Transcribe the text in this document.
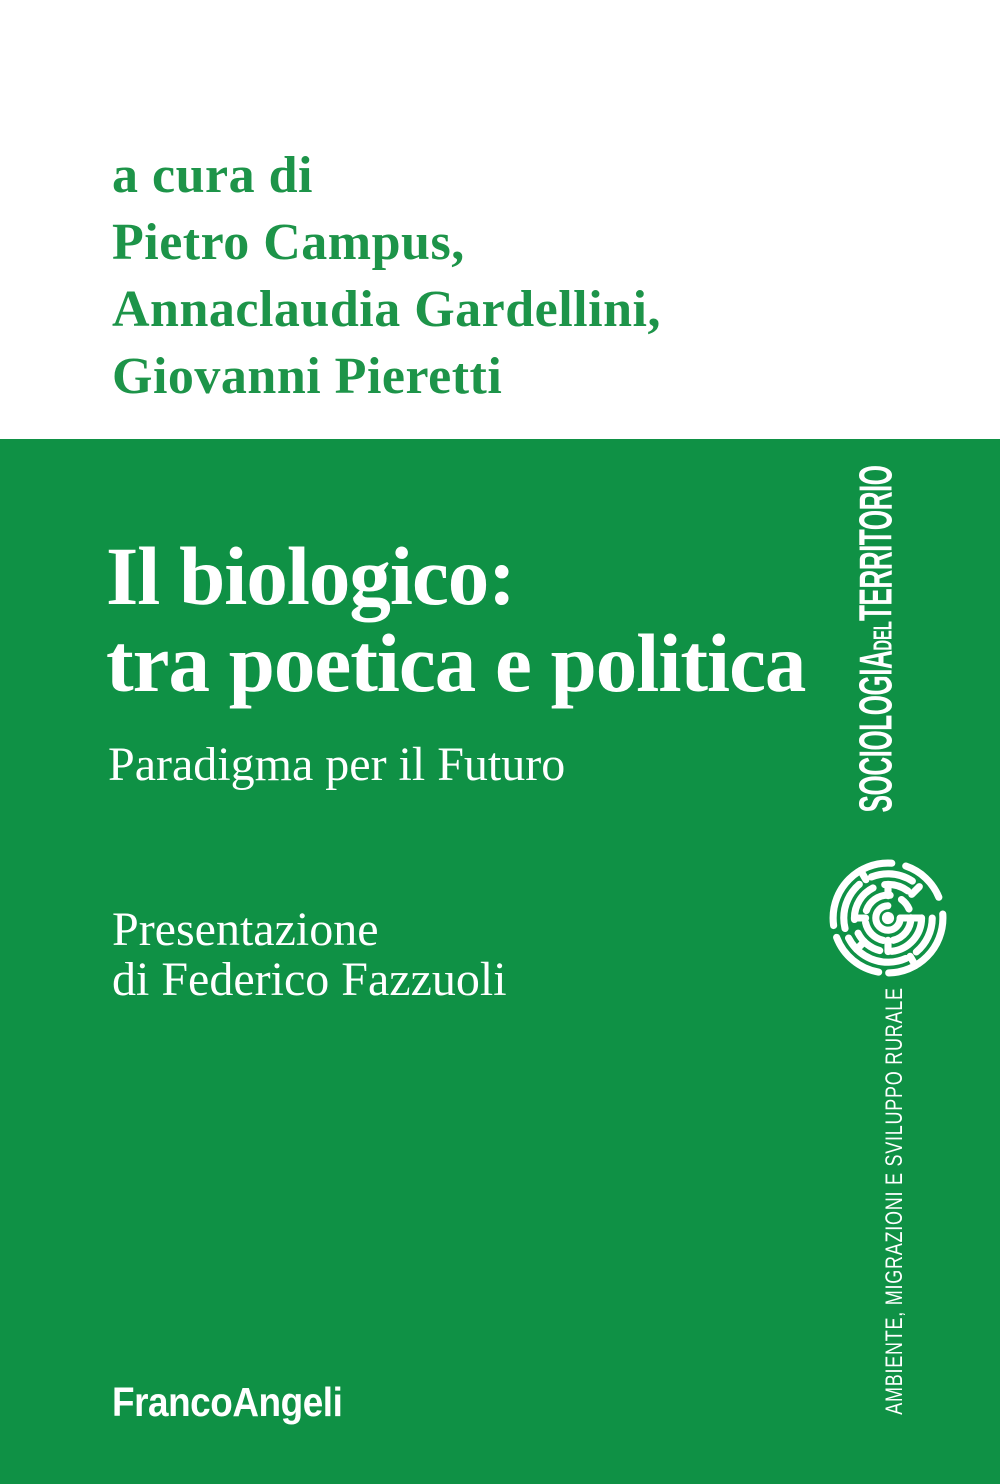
a cura di
Pietro Campus,
Annaclaudia Gardellini,
Giovanni Pieretti
Il biologico:
tra poetica e politica
Paradigma per il Futuro
Presentazione
di Federico Fazzuoli
FrancoAngeli
SOCIOLOGIADELTERRITORIO
AMBIENTE, MIGRAZIONI E SVILUPPO RURALE
